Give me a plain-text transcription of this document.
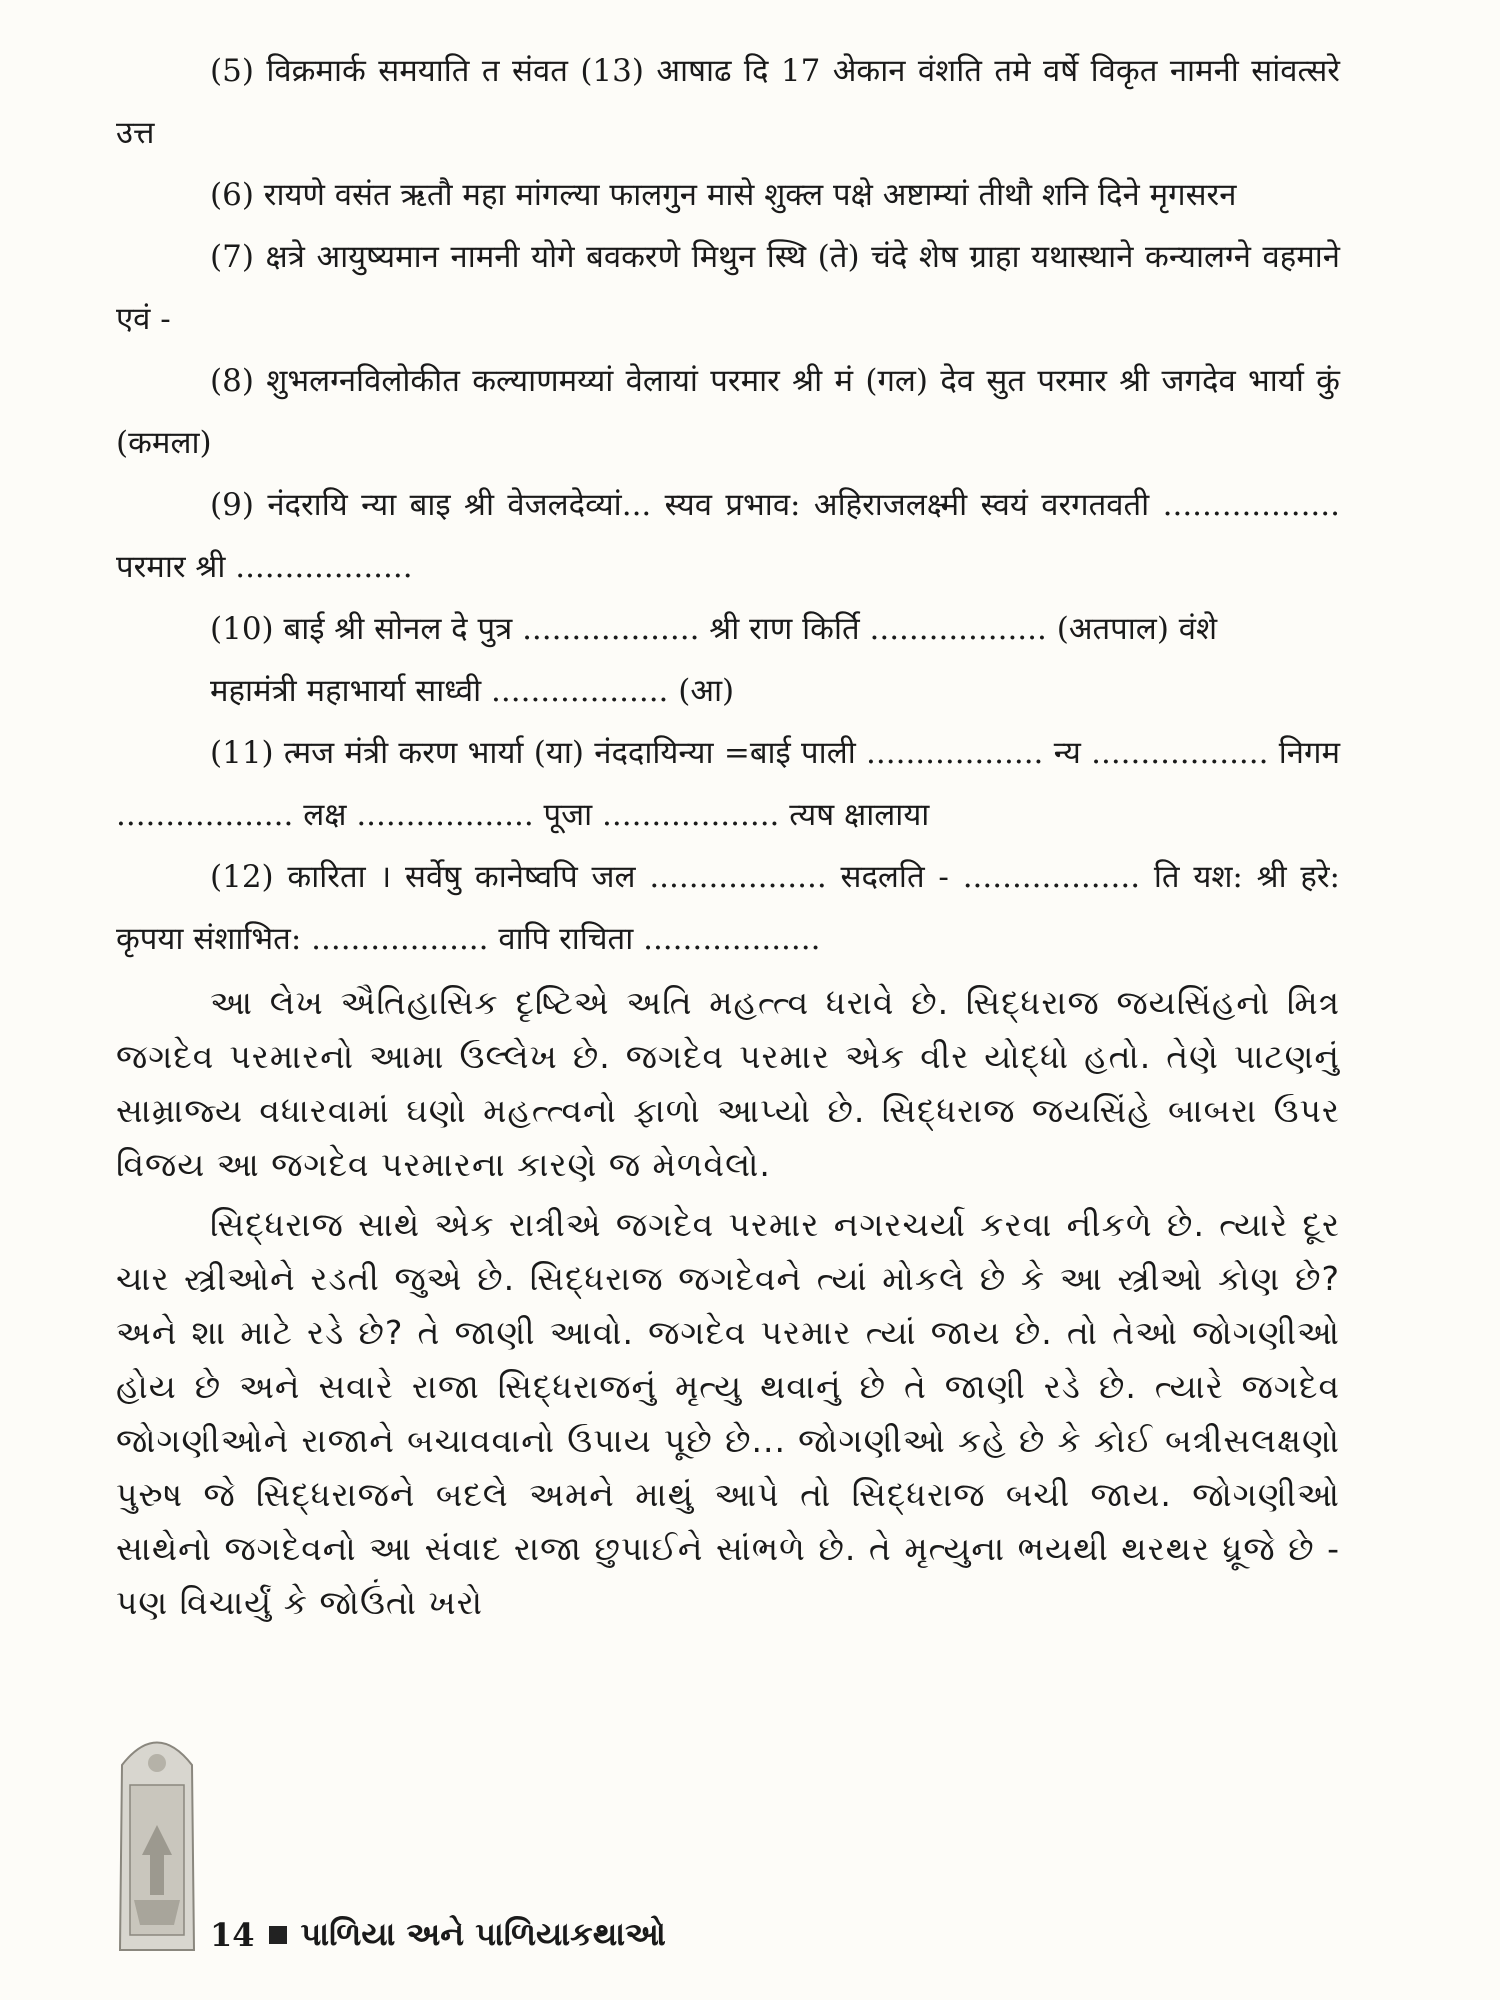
(5) विक्रमार्क समयाति त संवत (13) आषाढ दि 17 अेकान वंशति तमे वर्षे विकृत नामनी सांवत्सरे उत्त

(6) रायणे वसंत ऋतौ महा मांगल्या फालगुन मासे शुक्ल पक्षे अष्टाम्यां तीथौ शनि दिने मृगसरन

(7) क्षत्रे आयुष्यमान नामनी योगे बवकरणे मिथुन स्थि (ते) चंदे शेष ग्राहा यथास्थाने कन्यालग्ने वहमाने एवं -

(8) शुभलग्नविलोकीत कल्याणमय्यां वेलायां परमार श्री मं (गल) देव सुत परमार श्री जगदेव भार्या कुं (कमला)

(9) नंदरायि न्या बाइ श्री वेजलदेव्यां... स्यव प्रभाव: अहिराजलक्ष्मी स्वयं वरगतवती .................. परमार श्री ..................

(10) बाई श्री सोनल दे पुत्र .................. श्री राण किर्ति .................. (अतपाल) वंशे

महामंत्री महाभार्या साध्वी .................. (आ)

(11) त्मज मंत्री करण भार्या (या) नंददायिन्या =बाई पाली .................. न्य .................. निगम .................. लक्ष .................. पूजा .................. त्यष क्षालाया

(12) कारिता । सर्वेषु कानेष्वपि जल .................. सदलति - .................. ति यश: श्री हरे: कृपया संशाभित: .................. वापि राचिता ..................

આ લેખ ઐતિહાસિક દૃષ્ટિએ અતિ મહત્ત્વ ધરાવે છે. સિદ્ધરાજ જયસિંહનો મિત્ર જગદેવ પરમારનો આમા ઉલ્લેખ છે. જગદેવ પરમાર એક વીર યોદ્ધો હતો. તેણે પાટણનું સામ્રાજ્ય વધારવામાં ઘણો મહત્ત્વનો ફાળો આપ્યો છે. સિદ્ધરાજ જયસિંહે બાબરા ઉપર વિજય આ જગદેવ પરમારના કારણે જ મેળવેલો.

સિદ્ધરાજ સાથે એક રાત્રીએ જગદેવ પરમાર નગરચર્યા કરવા નીકળે છે. ત્યારે દૂર ચાર સ્ત્રીઓને રડતી જુએ છે. સિદ્ધરાજ જગદેવને ત્યાં મોકલે છે કે આ સ્ત્રીઓ કોણ છે? અને શા માટે રડે છે? તે જાણી આવો. જગદેવ પરમાર ત્યાં જાય છે. તો તેઓ જોગણીઓ હોય છે અને સવારે રાજા સિદ્ધરાજનું મૃત્યુ થવાનું છે તે જાણી રડે છે. ત્યારે જગદેવ જોગણીઓને રાજાને બચાવવાનો ઉપાય પૂછે છે... જોગણીઓ કહે છે કે કોઈ બત્રીસલક્ષણો પુરુષ જે સિદ્ધરાજને બદલે અમને માથું આપે તો સિદ્ધરાજ બચી જાય. જોગણીઓ સાથેનો જગદેવનો આ સંવાદ રાજા છુપાઈને સાંભળે છે. તે મૃત્યુના ભયથી થરથર ધ્રૂજે છે - પણ વિચાર્યું કે જોઉંતો ખરો

14 પાળિયા અને પાળિયાકથાઓ
